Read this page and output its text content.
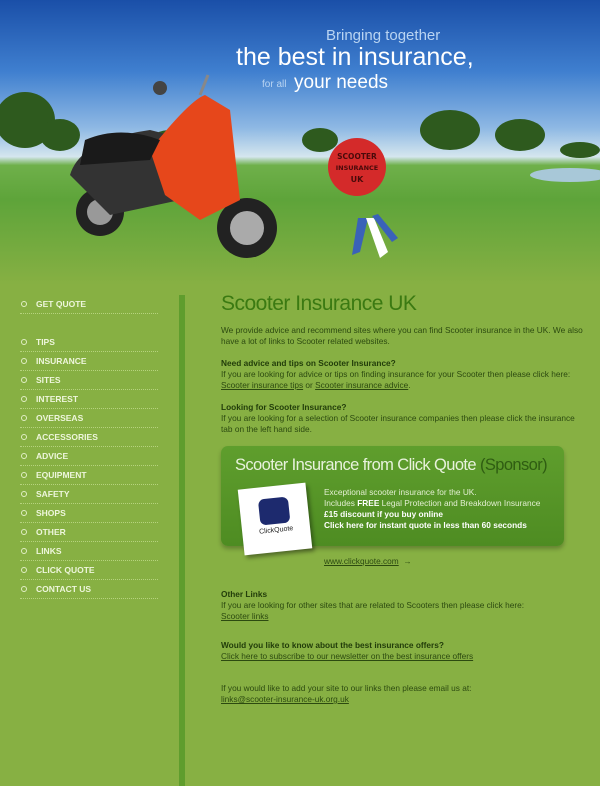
SCOOTER
INSURANCE
UK
Bringing together
the best in insurance,
for all your needs
GET QUOTE
TIPS
INSURANCE
SITES
INTEREST
OVERSEAS
ACCESSORIES
ADVICE
EQUIPMENT
SAFETY
SHOPS
OTHER
LINKS
CLICK QUOTE
CONTACT US
Scooter Insurance UK

We provide advice and recommend sites where you can find Scooter insurance in the UK. We also have a lot of links to Scooter related websites.

Need advice and tips on Scooter Insurance?
If you are looking for advice or tips on finding insurance for your Scooter then please click here: Scooter insurance tips or Scooter insurance advice.

Looking for Scooter Insurance?
If you are looking for a selection of Scooter insurance companies then please click the insurance tab on the left hand side.

Scooter Insurance from Click Quote (Sponsor)
ClickQuote
Exceptional scooter insurance for the UK.
Includes FREE Legal Protection and Breakdown Insurance
£15 discount if you buy online
Click here for instant quote in less than 60 seconds
www.clickquote.com →

Other Links
If you are looking for other sites that are related to Scooters then please click here:
Scooter links

Would you like to know about the best insurance offers?
Click here to subscribe to our newsletter on the best insurance offers

If you would like to add your site to our links then please email us at:
links@scooter-insurance-uk.org.uk
